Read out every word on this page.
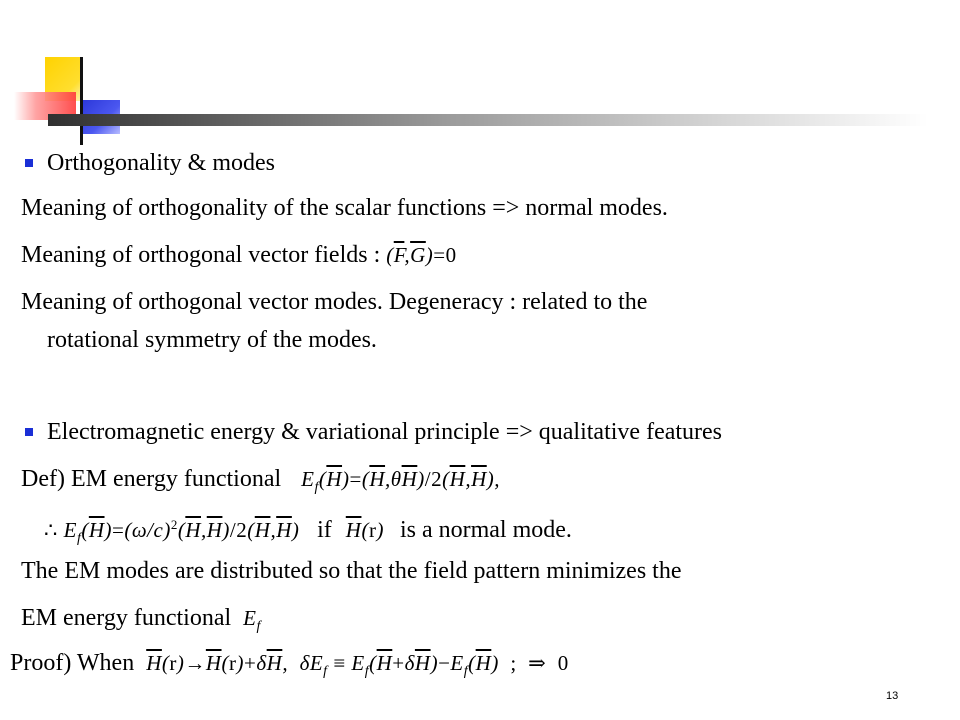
Orthogonality & modes
Meaning of orthogonality of the scalar functions => normal modes.
Meaning of orthogonal vector fields : $(\overline{F},\overline{G})=0$
Meaning of orthogonal vector modes. Degeneracy : related to the
rotational symmetry of the modes.
Electromagnetic energy & variational principle => qualitative features
Def) EM energy functional $E_f(\overline{H})=(\overline{H},\theta\overline{H})/2(\overline{H},\overline{H})$,
∴ $E_f(\overline{H})=(\omega/c)^2(\overline{H},\overline{H})/2(\overline{H},\overline{H})$ if $\overline{H}(r)$ is a normal mode.
The EM modes are distributed so that the field pattern minimizes the
EM energy functional $E_f$
Proof) When $\overline{H}(r)\to\overline{H}(r)+\delta\overline{H}$,  $\delta E_f \equiv E_f(\overline{H}+\delta\overline{H})-E_f(\overline{H})$  ;  ⇒  0
13
